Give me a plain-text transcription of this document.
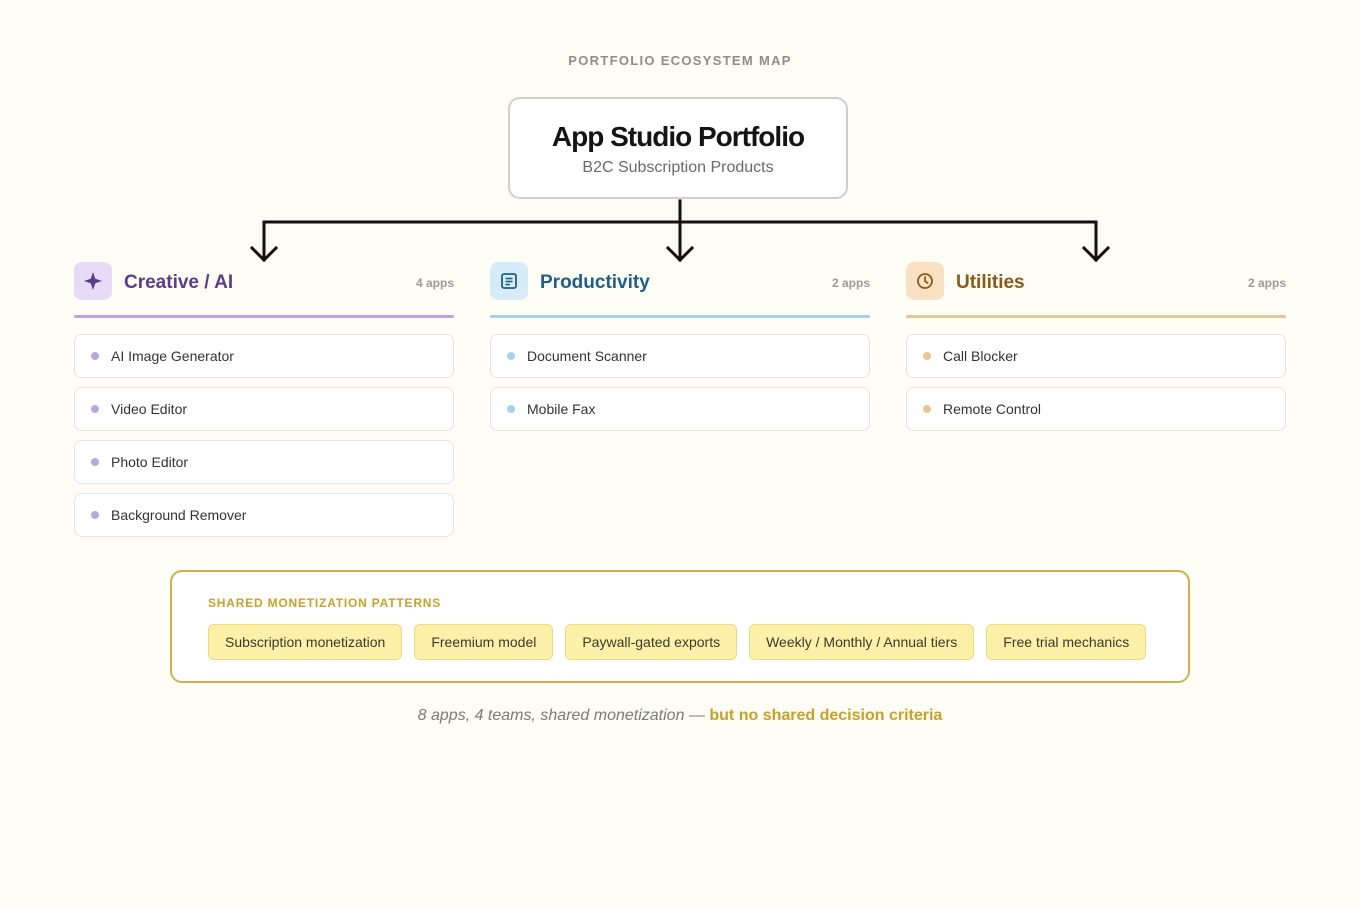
PORTFOLIO ECOSYSTEM MAP
App Studio Portfolio
B2C Subscription Products
Creative / AI	4 apps
AI Image Generator
Video Editor
Photo Editor
Background Remover
Productivity	2 apps
Document Scanner
Mobile Fax
Utilities	2 apps
Call Blocker
Remote Control
SHARED MONETIZATION PATTERNS
Subscription monetization	Freemium model	Paywall-gated exports	Weekly / Monthly / Annual tiers	Free trial mechanics
8 apps, 4 teams, shared monetization — but no shared decision criteria
